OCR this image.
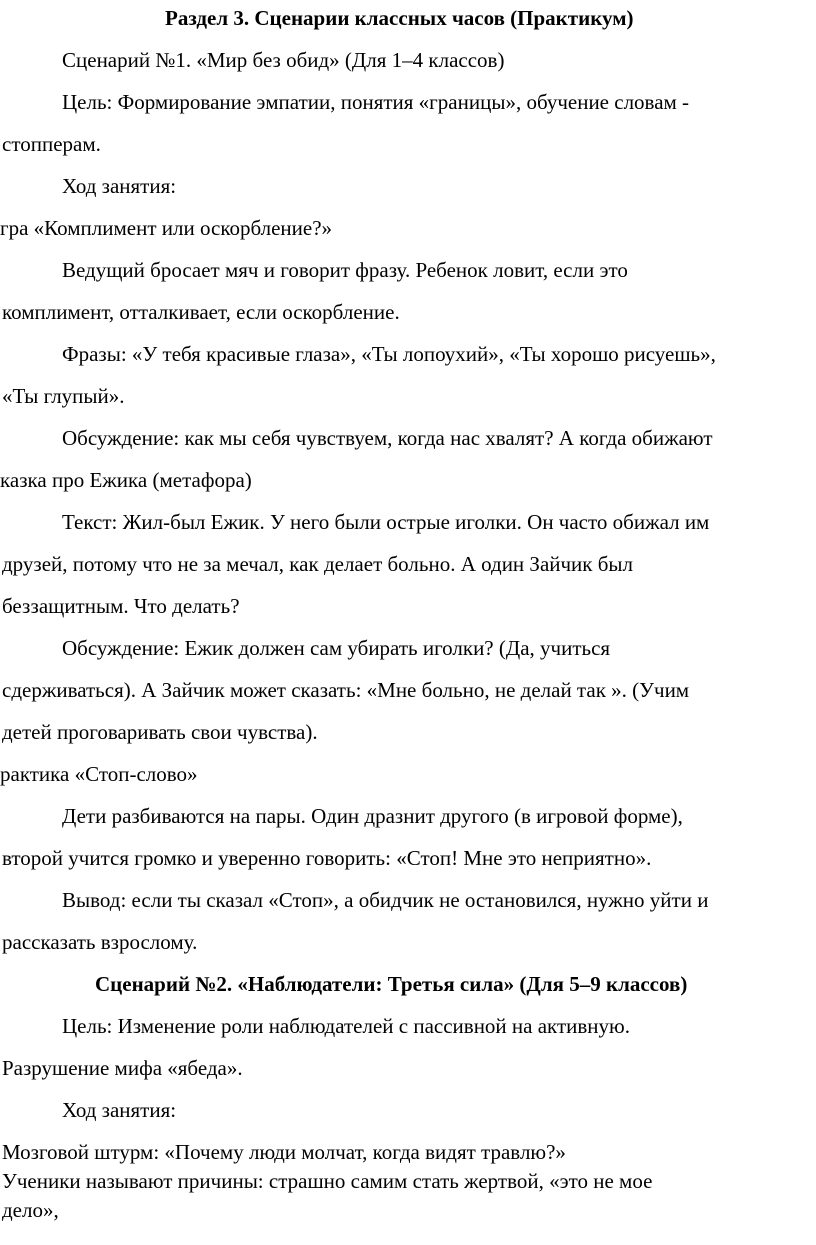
Раздел 3. Сценарии классных часов (Практикум)
Сценарий №1. «Мир без обид» (Для 1–4 классов)
Цель: Формирование эмпатии, понятия «границы», обучение словам -
стопперам.
Ход занятия:
гра «Комплимент или оскорбление?»
Ведущий бросает мяч и говорит фразу. Ребенок ловит, если это
комплимент, отталкивает, если оскорбление.
Фразы: «У тебя красивые глаза», «Ты лопоухий», «Ты хорошо рисуешь»,
«Ты глупый».
Обсуждение: как мы себя чувствуем, когда нас хвалят? А когда обижают
казка про Ежика (метафора)
Текст: Жил-был Ежик. У него были острые иголки. Он часто обижал им
друзей, потому что не за мечал, как делает больно. А один Зайчик был
беззащитным. Что делать?
Обсуждение: Ежик должен сам убирать иголки? (Да, учиться
сдерживаться). А Зайчик может сказать: «Мне больно, не делай так ». (Учим
детей проговаривать свои чувства).
рактика «Стоп-слово»
Дети разбиваются на пары. Один дразнит другого (в игровой форме),
второй учится громко и уверенно говорить: «Стоп! Мне это неприятно».
Вывод: если ты сказал «Стоп», а обидчик не остановился, нужно уйти и
рассказать взрослому.
Сценарий №2. «Наблюдатели: Третья сила» (Для 5–9 классов)
Цель: Изменение роли наблюдателей с пассивной на активную.
Разрушение мифа «ябеда».
Ход занятия:
Мозговой штурм: «Почему люди молчат, когда видят травлю?»
Ученики называют причины: страшно самим стать жертвой, «это не мое
дело»,
